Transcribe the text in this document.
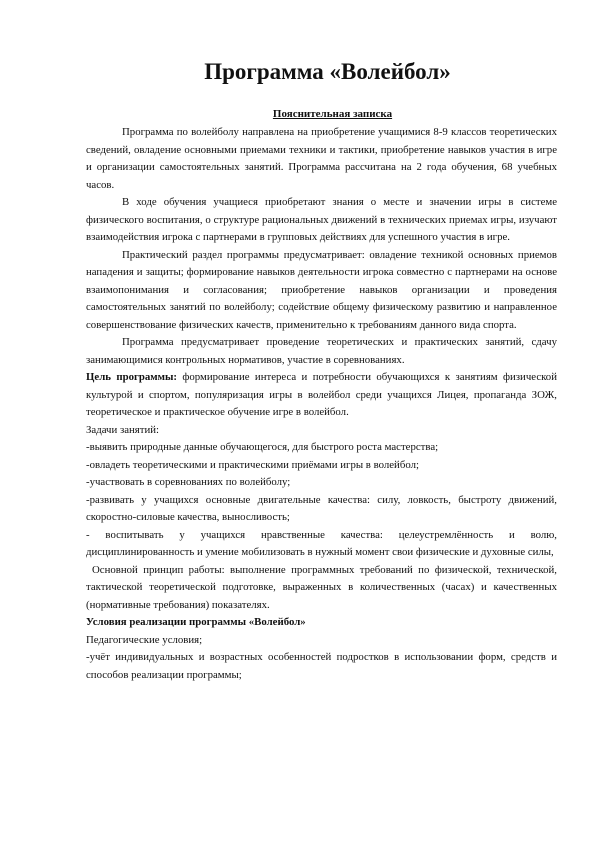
Программа «Волейбол»
Пояснительная записка

Программа по волейболу направлена на приобретение учащимися 8-9 классов теоретических сведений, овладение основными приемами техники и тактики, приобретение навыков участия в игре и организации самостоятельных занятий. Программа рассчитана на 2 года обучения, 68 учебных часов.

В ходе обучения учащиеся приобретают знания о месте и значении игры в системе физического воспитания, о структуре рациональных движений в технических приемах игры, изучают взаимодействия игрока с партнерами в групповых действиях для успешного участия в игре.

Практический раздел программы предусматривает: овладение техникой основных приемов нападения и защиты; формирование навыков деятельности игрока совместно с партнерами на основе взаимопонимания и согласования; приобретение навыков организации и проведения самостоятельных занятий по волейболу; содействие общему физическому развитию и направленное совершенствование физических качеств, применительно к требованиям данного вида спорта.

Программа предусматривает проведение теоретических и практических занятий, сдачу занимающимися контрольных нормативов, участие в соревнованиях.

Цель программы: формирование интереса и потребности обучающихся к занятиям физической культурой и спортом, популяризация игры в волейбол среди учащихся Лицея, пропаганда ЗОЖ, теоретическое и практическое обучение игре в волейбол.

Задачи занятий:

-выявить природные данные обучающегося, для быстрого роста мастерства;

-овладеть теоретическими и практическими приёмами игры в волейбол;

-участвовать в соревнованиях по волейболу;

-развивать у учащихся основные двигательные качества: силу, ловкость, быстроту движений, скоростно-силовые качества, выносливость;

- воспитывать у учащихся нравственные качества: целеустремлённость и волю, дисциплинированность и умение мобилизовать в нужный момент свои физические и духовные силы,

Основной принцип работы: выполнение программных требований по физической, технической, тактической теоретической подготовке, выраженных в количественных (часах) и качественных (нормативные требования) показателях.

Условия реализации программы «Волейбол»

Педагогические условия;

-учёт индивидуальных и возрастных особенностей подростков в использовании форм, средств и способов реализации программы;
